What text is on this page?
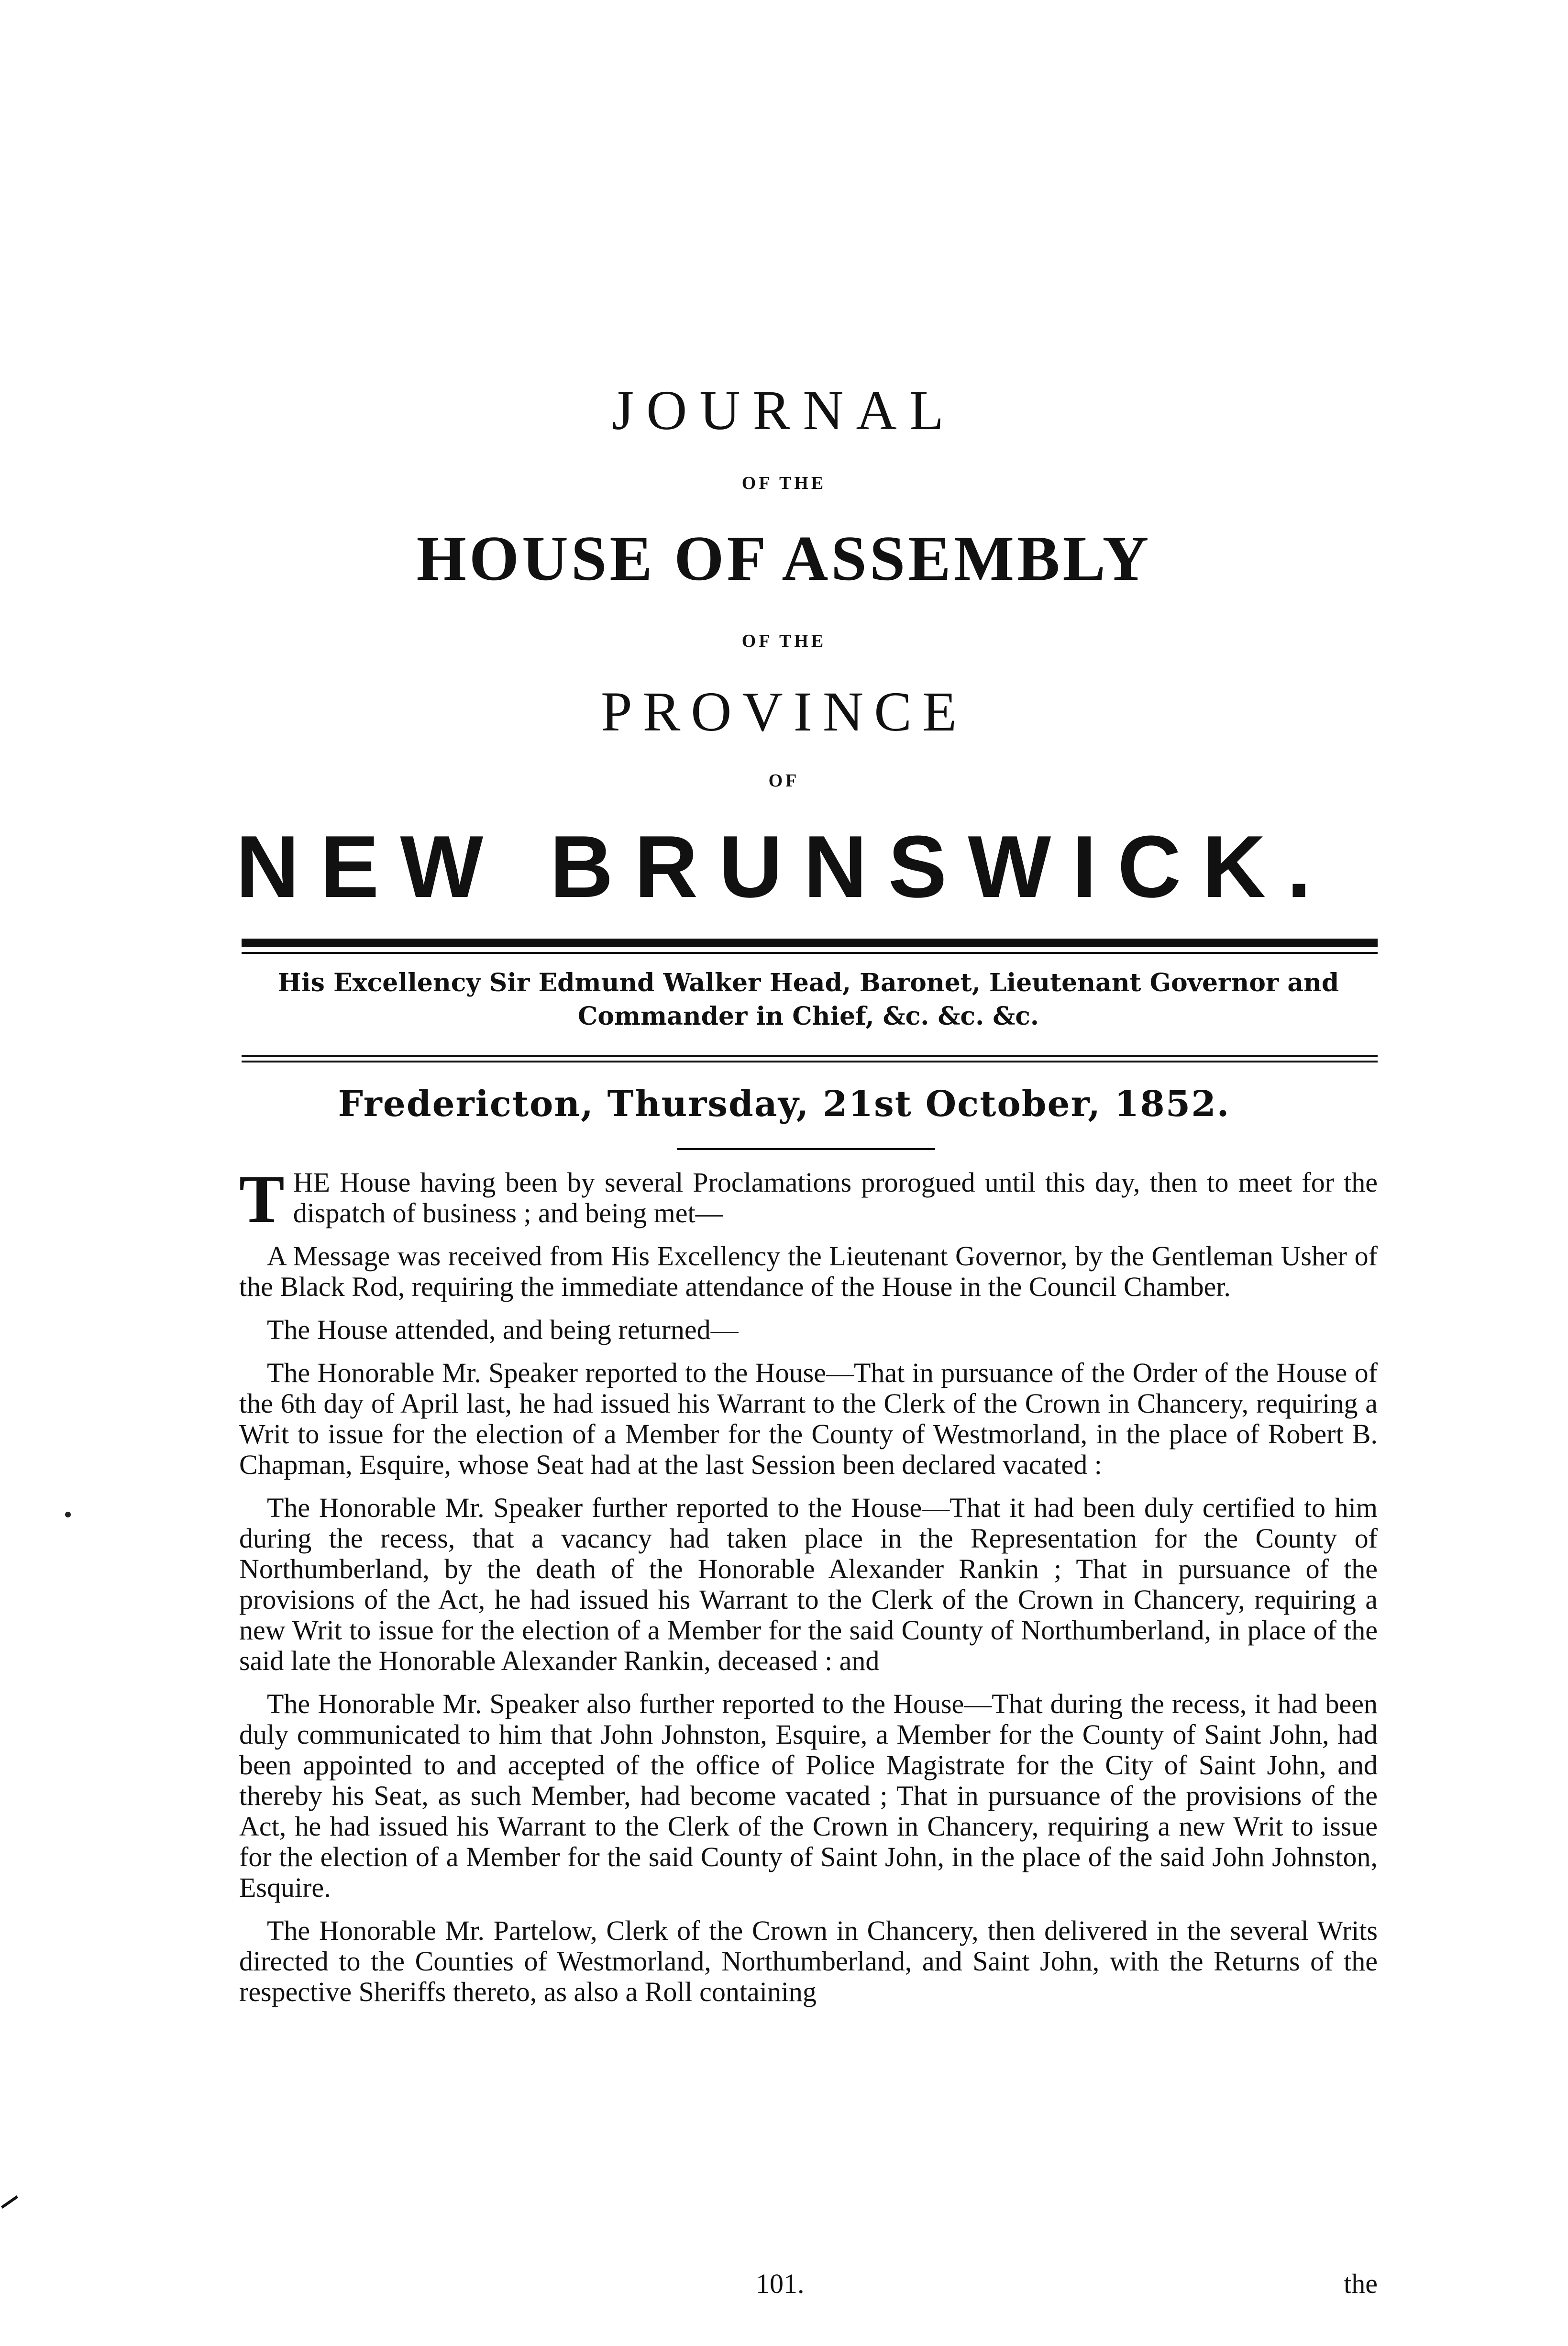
JOURNAL
OF THE
HOUSE OF ASSEMBLY
OF THE
PROVINCE
OF
NEW BRUNSWICK.
His Excellency Sir Edmund Walker Head, Baronet, Lieutenant Governor and Commander in Chief, &c. &c. &c.
Fredericton, Thursday, 21st October, 1852.

THE House having been by several Proclamations prorogued until this day, then to meet for the dispatch of business ; and being met—

A Message was received from His Excellency the Lieutenant Governor, by the Gentleman Usher of the Black Rod, requiring the immediate attendance of the House in the Council Chamber.

The House attended, and being returned—

The Honorable Mr. Speaker reported to the House—That in pursuance of the Order of the House of the 6th day of April last, he had issued his Warrant to the Clerk of the Crown in Chancery, requiring a Writ to issue for the election of a Member for the County of Westmorland, in the place of Robert B. Chapman, Esquire, whose Seat had at the last Session been declared vacated :

The Honorable Mr. Speaker further reported to the House—That it had been duly certified to him during the recess, that a vacancy had taken place in the Representation for the County of Northumberland, by the death of the Honorable Alexander Rankin ; That in pursuance of the provisions of the Act, he had issued his Warrant to the Clerk of the Crown in Chancery, requiring a new Writ to issue for the election of a Member for the said County of Northumberland, in place of the said late the Honorable Alexander Rankin, deceased : and

The Honorable Mr. Speaker also further reported to the House—That during the recess, it had been duly communicated to him that John Johnston, Esquire, a Member for the County of Saint John, had been appointed to and accepted of the office of Police Magistrate for the City of Saint John, and thereby his Seat, as such Member, had become vacated ; That in pursuance of the provisions of the Act, he had issued his Warrant to the Clerk of the Crown in Chancery, requiring a new Writ to issue for the election of a Member for the said County of Saint John, in the place of the said John Johnston, Esquire.

The Honorable Mr. Partelow, Clerk of the Crown in Chancery, then delivered in the several Writs directed to the Counties of Westmorland, Northumberland, and Saint John, with the Returns of the respective Sheriffs thereto, as also a Roll containing

101.	the
